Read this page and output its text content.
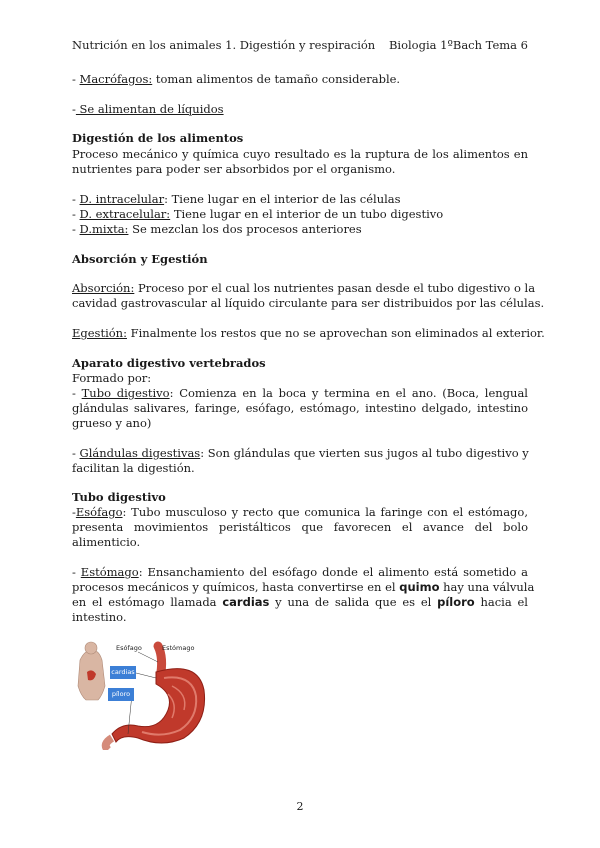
Nutrición en los animales 1. Digestión y respiración Biologia 1ºBach Tema 6
- Macrófagos: toman alimentos de tamaño considerable.
- Se alimentan de líquidos
Digestión de los alimentos
Proceso mecánico y química cuyo resultado es la ruptura de los alimentos en
nutrientes para poder ser absorbidos por el organismo.
- D. intracelular: Tiene lugar en el interior de las células
- D. extracelular: Tiene lugar en el interior de un tubo digestivo
- D.mixta: Se mezclan los dos procesos anteriores
Absorción y Egestión
Absorción: Proceso por el cual los nutrientes pasan desde el tubo digestivo o la
cavidad gastrovascular al líquido circulante para ser distribuidos por las células.
Egestión: Finalmente los restos que no se aprovechan son eliminados al exterior.
Aparato digestivo vertebrados
Formado por:
- Tubo digestivo: Comienza en la boca y termina en el ano. (Boca, lengual
glándulas salivares, faringe, esófago, estómago, intestino delgado, intestino
grueso y ano)
- Glándulas digestivas: Son glándulas que vierten sus jugos al tubo digestivo y
facilitan la digestión.
Tubo digestivo
-Esófago: Tubo musculoso y recto que comunica la faringe con el estómago,
presenta movimientos peristálticos que favorecen el avance del bolo
alimenticio.
- Estómago: Ensanchamiento del esófago donde el alimento está sometido a
procesos mecánicos y químicos, hasta convertirse en el quimo hay una válvula
en el estómago llamada cardias y una de salida que es el píloro hacia el
intestino.
Esófago	Estómago
cardias
píloro
2
